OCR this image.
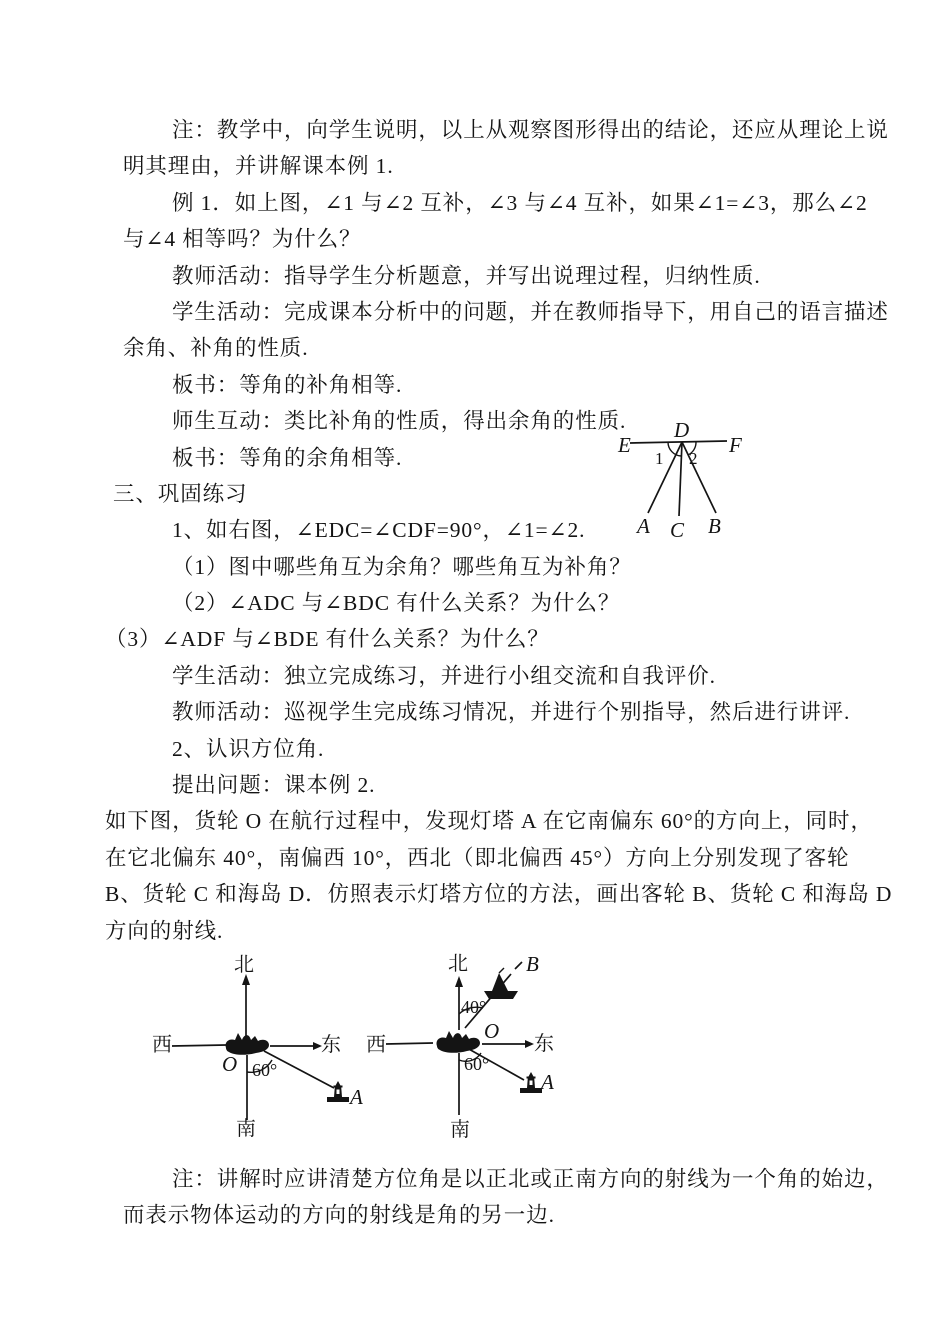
注：教学中，向学生说明，以上从观察图形得出的结论，还应从理论上说
明其理由，并讲解课本例 1.
例 1．如上图，∠1 与∠2 互补，∠3 与∠4 互补，如果∠1=∠3，那么∠2
与∠4 相等吗？为什么？
教师活动：指导学生分析题意，并写出说理过程，归纳性质.
学生活动：完成课本分析中的问题，并在教师指导下，用自己的语言描述
余角、补角的性质.
板书：等角的补角相等.
师生互动：类比补角的性质，得出余角的性质.
板书：等角的余角相等.
三、巩固练习
1、如右图，∠EDC=∠CDF=90°，∠1=∠2.
（1）图中哪些角互为余角？哪些角互为补角？
（2）∠ADC 与∠BDC 有什么关系？为什么？
（3）∠ADF 与∠BDE 有什么关系？为什么？
学生活动：独立完成练习，并进行小组交流和自我评价.
教师活动：巡视学生完成练习情况，并进行个别指导，然后进行讲评.
2、认识方位角.
提出问题：课本例 2.
如下图，货轮 O 在航行过程中，发现灯塔 A 在它南偏东 60°的方向上，同时，
在它北偏东 40°，南偏西 10°，西北（即北偏西 45°）方向上分别发现了客轮
B、货轮 C 和海岛 D．仿照表示灯塔方位的方法，画出客轮 B、货轮 C 和海岛 D
方向的射线.
注：讲解时应讲清楚方位角是以正北或正南方向的射线为一个角的始边，
而表示物体运动的方向的射线是角的另一边.
E
D
F
1 2
A C B
北
西	东
南
O 60°
A
北	B
40°
西
O
东
南
60°
A
